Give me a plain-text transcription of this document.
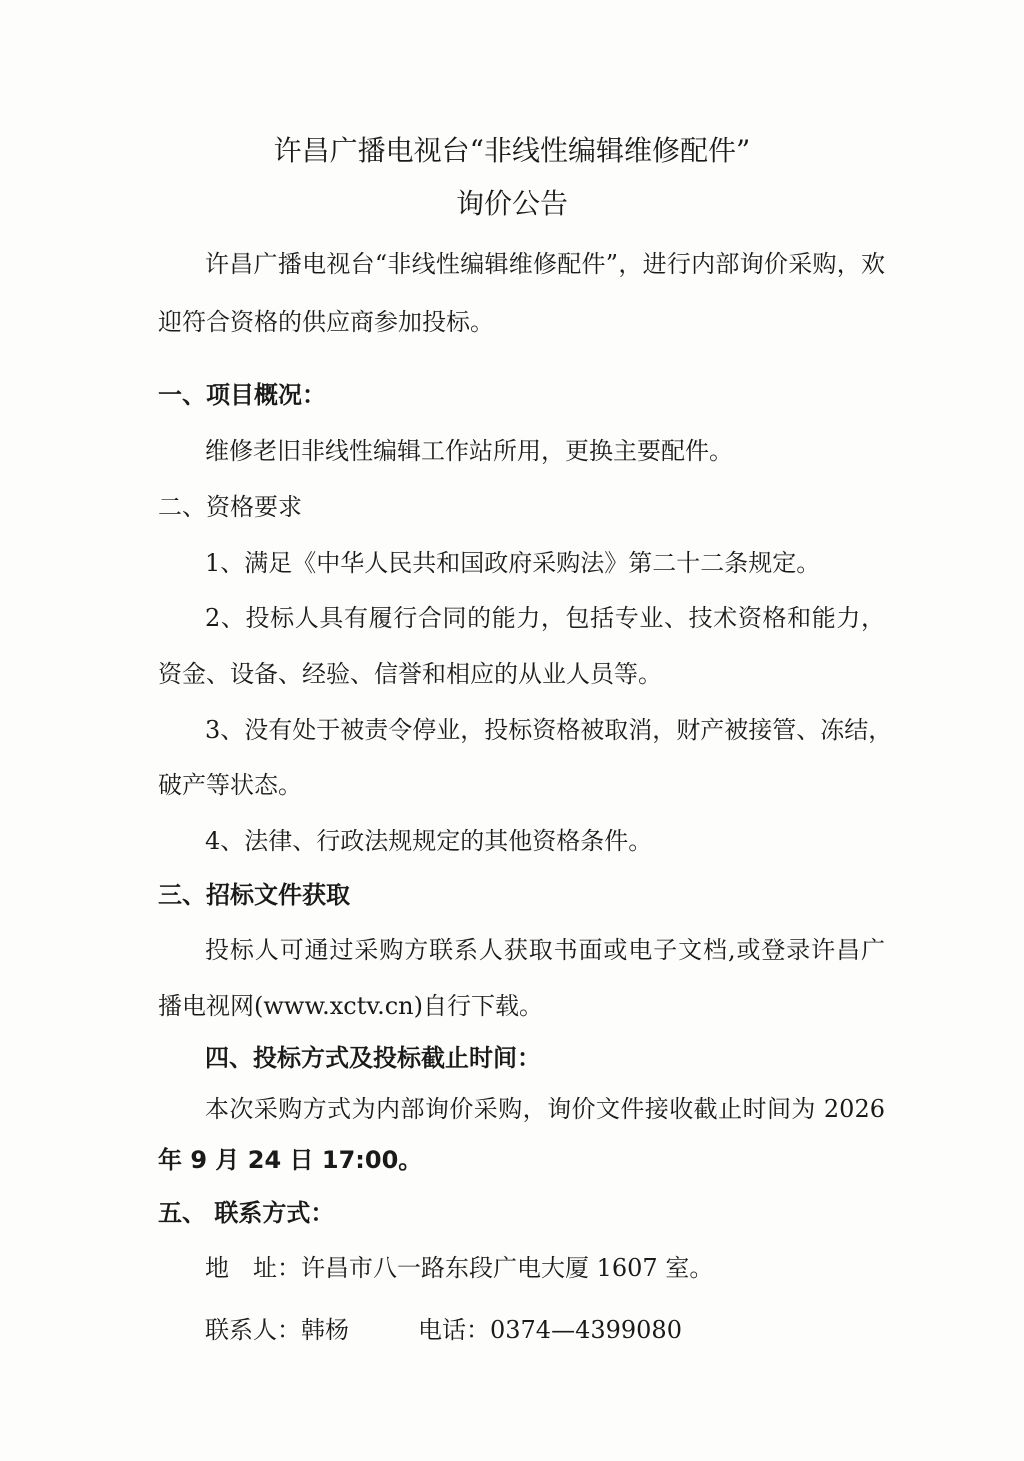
许昌广播电视台“非线性编辑维修配件”
询价公告
许昌广播电视台“非线性编辑维修配件”，进行内部询价采购，欢
迎符合资格的供应商参加投标。
一、项目概况：
维修老旧非线性编辑工作站所用，更换主要配件。
二、资格要求
1、满足《中华人民共和国政府采购法》第二十二条规定。
2、投标人具有履行合同的能力，包括专业、技术资格和能力，
资金、设备、经验、信誉和相应的从业人员等。
3、没有处于被责令停业，投标资格被取消，财产被接管、冻结，
破产等状态。
4、法律、行政法规规定的其他资格条件。
三、招标文件获取
投标人可通过采购方联系人获取书面或电子文档,或登录许昌广
播电视网(www.xctv.cn)自行下载。
四、投标方式及投标截止时间：
本次采购方式为内部询价采购，询价文件接收截止时间为 2026
年 9 月 24 日 17:00。
五、 联系方式：
地　址：许昌市八一路东段广电大厦 1607 室。
联系人：韩杨	电话：0374—4399080
